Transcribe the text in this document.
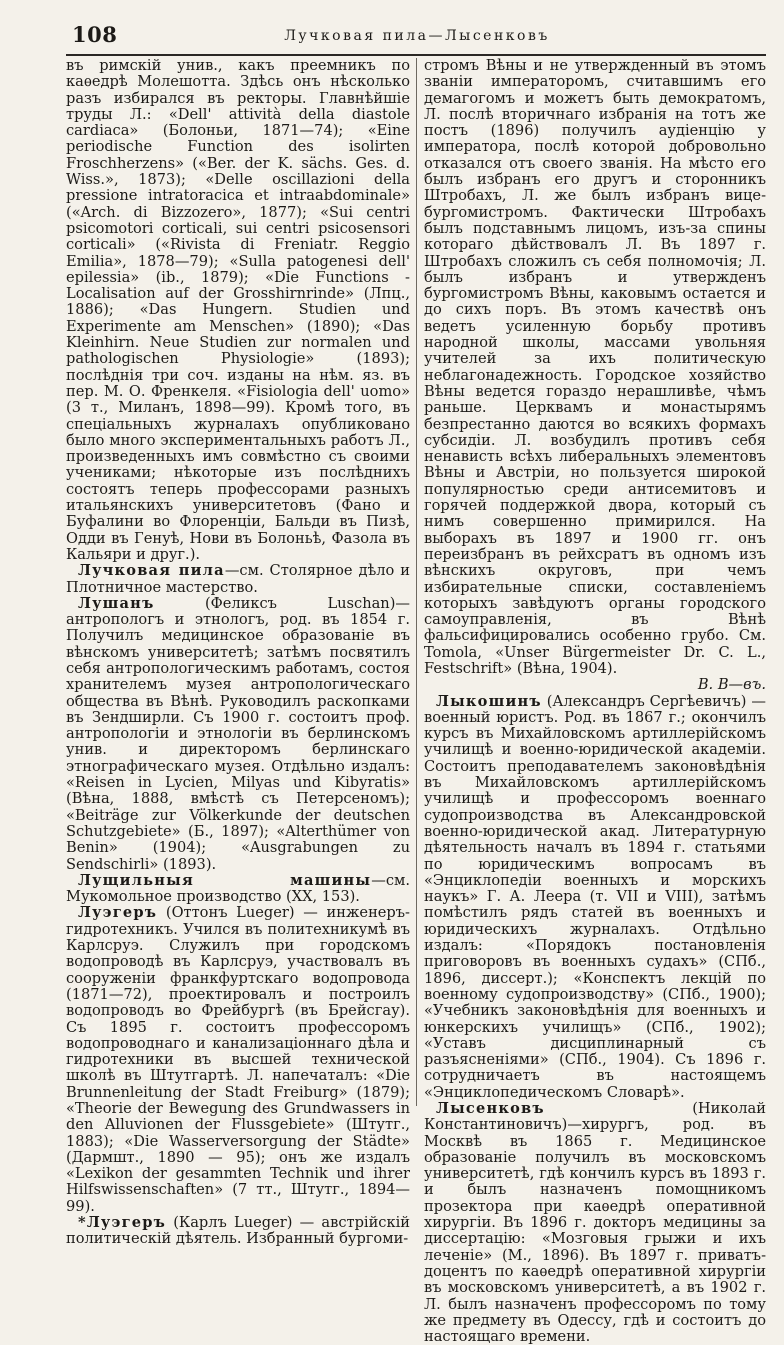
108	Лучковая пила—Лысенковъ

въ римскій унив., какъ преемникъ по каѳедрѣ Молешотта. Здѣсь онъ нѣсколько разъ избирался въ ректоры. Главнѣйшіе труды Л.: «Dell' attività della diastole cardiaca» (Болоньи, 1871—74); «Eine periodische Function des isolirten Froschherzens» («Ber. der K. sächs. Ges. d. Wiss.», 1873); «Delle oscillazioni della pressione intratoracica et intraabdominale» («Arch. di Bizzozero», 1877); «Sui centri psicomotori corticali, sui centri psicosensori corticali» («Rivista di Freniatr. Reggio Emilia», 1878—79); «Sulla patogenesi dell' epilessia» (ib., 1879); «Die Functions - Localisation auf der Grosshirnrinde» (Лпц., 1886); «Das Hungern. Studien und Experimente am Menschen» (1890); «Das Kleinhirn. Neue Studien zur normalen und pathologischen Physiologie» (1893); послѣднія три соч. изданы на нѣм. яз. въ пер. М. О. Френкеля. «Fisiologia dell' uomo» (3 т., Миланъ, 1898—99). Кромѣ того, въ спеціальныхъ журналахъ опубликовано было много экспериментальныхъ работъ Л., произведенныхъ имъ совмѣстно съ своими учениками; нѣкоторые изъ послѣднихъ состоятъ теперь профессорами разныхъ итальянскихъ университетовъ (Фано и Буфалини во Флоренціи, Бальди въ Пизѣ, Одди въ Генуѣ, Нови въ Болоньѣ, Фазола въ Кальяри и друг.).

Лучковая пила—см. Столярное дѣло и Плотничное мастерство.

Лушанъ (Феликсъ Luschan)—антропологъ и этнологъ, род. въ 1854 г. Получилъ медицинское образованіе въ вѣнскомъ университетѣ; затѣмъ посвятилъ себя антропологическимъ работамъ, состоя хранителемъ музея антропологическаго общества въ Вѣнѣ. Руководилъ раскопками въ Зендширли. Съ 1900 г. состоитъ проф. антропологіи и этнологіи въ берлинскомъ унив. и директоромъ берлинскаго этнографическаго музея. Отдѣльно издалъ: «Reisen in Lycien, Milyas und Kibyratis» (Вѣна, 1888, вмѣстѣ съ Петерсеномъ); «Beiträge zur Völkerkunde der deutschen Schutzgebiete» (Б., 1897); «Alterthümer von Benin» (1904); «Ausgrabungen zu Sendschirli» (1893).

Лущильныя машины—см. Мукомольное производство (XX, 153).

Луэгеръ (Оттонъ Lueger) — инженеръ-гидротехникъ. Учился въ политехникумѣ въ Карлсруэ. Служилъ при городскомъ водопроводѣ въ Карлсруэ, участвовалъ въ сооруженіи франкфуртскаго водопровода (1871—72), проектировалъ и построилъ водопроводъ во Фрейбургѣ (въ Брейсгау). Съ 1895 г. состоитъ профессоромъ водопроводнаго и канализаціоннаго дѣла и гидротехники въ высшей технической школѣ въ Штутгартѣ. Л. напечаталъ: «Die Brunnenleitung der Stadt Freiburg» (1879); «Theorie der Bewegung des Grundwassers in den Alluvionen der Flussgebiete» (Штутг., 1883); «Die Wasserversorgung der Städte» (Дармшт., 1890 — 95); онъ же издалъ «Lexikon der gesammten Technik und ihrer Hilfswissenschaften» (7 тт., Штутг., 1894—99).

*Луэгеръ (Карлъ Lueger) — австрійскій политическій дѣятель. Избранный бургоми-

стромъ Вѣны и не утвержденный въ этомъ званіи императоромъ, считавшимъ его демагогомъ и можетъ быть демократомъ, Л. послѣ вторичнаго избранія на тотъ же постъ (1896) получилъ аудіенцію у императора, послѣ которой добровольно отказался отъ своего званія. На мѣсто его былъ избранъ его другъ и сторонникъ Штробахъ, Л. же былъ избранъ вице-бургомистромъ. Фактически Штробахъ былъ подставнымъ лицомъ, изъ-за спины котораго дѣйствовалъ Л. Въ 1897 г. Штробахъ сложилъ съ себя полномочія; Л. былъ избранъ и утвержденъ бургомистромъ Вѣны, каковымъ остается и до сихъ поръ. Въ этомъ качествѣ онъ ведетъ усиленную борьбу противъ народной школы, массами увольняя учителей за ихъ политическую неблагонадежность. Городское хозяйство Вѣны ведется гораздо нерашливѣе, чѣмъ раньше. Церквамъ и монастырямъ безпрестанно даются во всякихъ формахъ субсидіи. Л. возбудилъ противъ себя ненависть всѣхъ либеральныхъ элементовъ Вѣны и Австріи, но пользуется широкой популярностью среди антисемитовъ и горячей поддержкой двора, который съ нимъ совершенно примирился. На выборахъ въ 1897 и 1900 гг. онъ переизбранъ въ рейхсратъ въ одномъ изъ вѣнскихъ округовъ, при чемъ избирательные списки, составленіемъ которыхъ завѣдуютъ органы городского самоуправленія, въ Вѣнѣ фальсифицировались особенно грубо. См. Tomola, «Unser Bürgermeister Dr. C. L., Festschrift» (Вѣна, 1904).
В. В—въ.

Лыкошинъ (Александръ Сергѣевичъ) —военный юристъ. Род. въ 1867 г.; окончилъ курсъ въ Михайловскомъ артиллерійскомъ училищѣ и военно-юридической академіи. Состоитъ преподавателемъ законовѣдѣнія въ Михайловскомъ артиллерійскомъ училищѣ и профессоромъ военнаго судопроизводства въ Александровской военно-юридической акад. Литературную дѣятельность началъ въ 1894 г. статьями по юридическимъ вопросамъ въ «Энциклопедіи военныхъ и морскихъ наукъ» Г. А. Леера (т. VII и VIII), затѣмъ помѣстилъ рядъ статей въ военныхъ и юридическихъ журналахъ. Отдѣльно издалъ: «Порядокъ постановленія приговоровъ въ военныхъ судахъ» (СПб., 1896, диссерт.); «Конспектъ лекцій по военному судопроизводству» (СПб., 1900); «Учебникъ законовѣдѣнія для военныхъ и юнкерскихъ училищъ» (СПб., 1902); «Уставъ дисциплинарный съ разъясненіями» (СПб., 1904). Съ 1896 г. сотрудничаетъ въ настоящемъ «Энциклопедическомъ Словарѣ».

Лысенковъ (Николай Константиновичъ)—хирургъ, род. въ Москвѣ въ 1865 г. Медицинское образованіе получилъ въ московскомъ университетѣ, гдѣ кончилъ курсъ въ 1893 г. и былъ назначенъ помощникомъ прозектора при каѳедрѣ оперативной хирургіи. Въ 1896 г. докторъ медицины за диссертацію: «Мозговыя грыжи и ихъ леченіе» (М., 1896). Въ 1897 г. приватъ-доцентъ по каѳедрѣ оперативной хирургіи въ московскомъ университетѣ, а въ 1902 г. Л. былъ назначенъ профессоромъ по тому же предмету въ Одессу, гдѣ и состоитъ до настоящаго времени.
